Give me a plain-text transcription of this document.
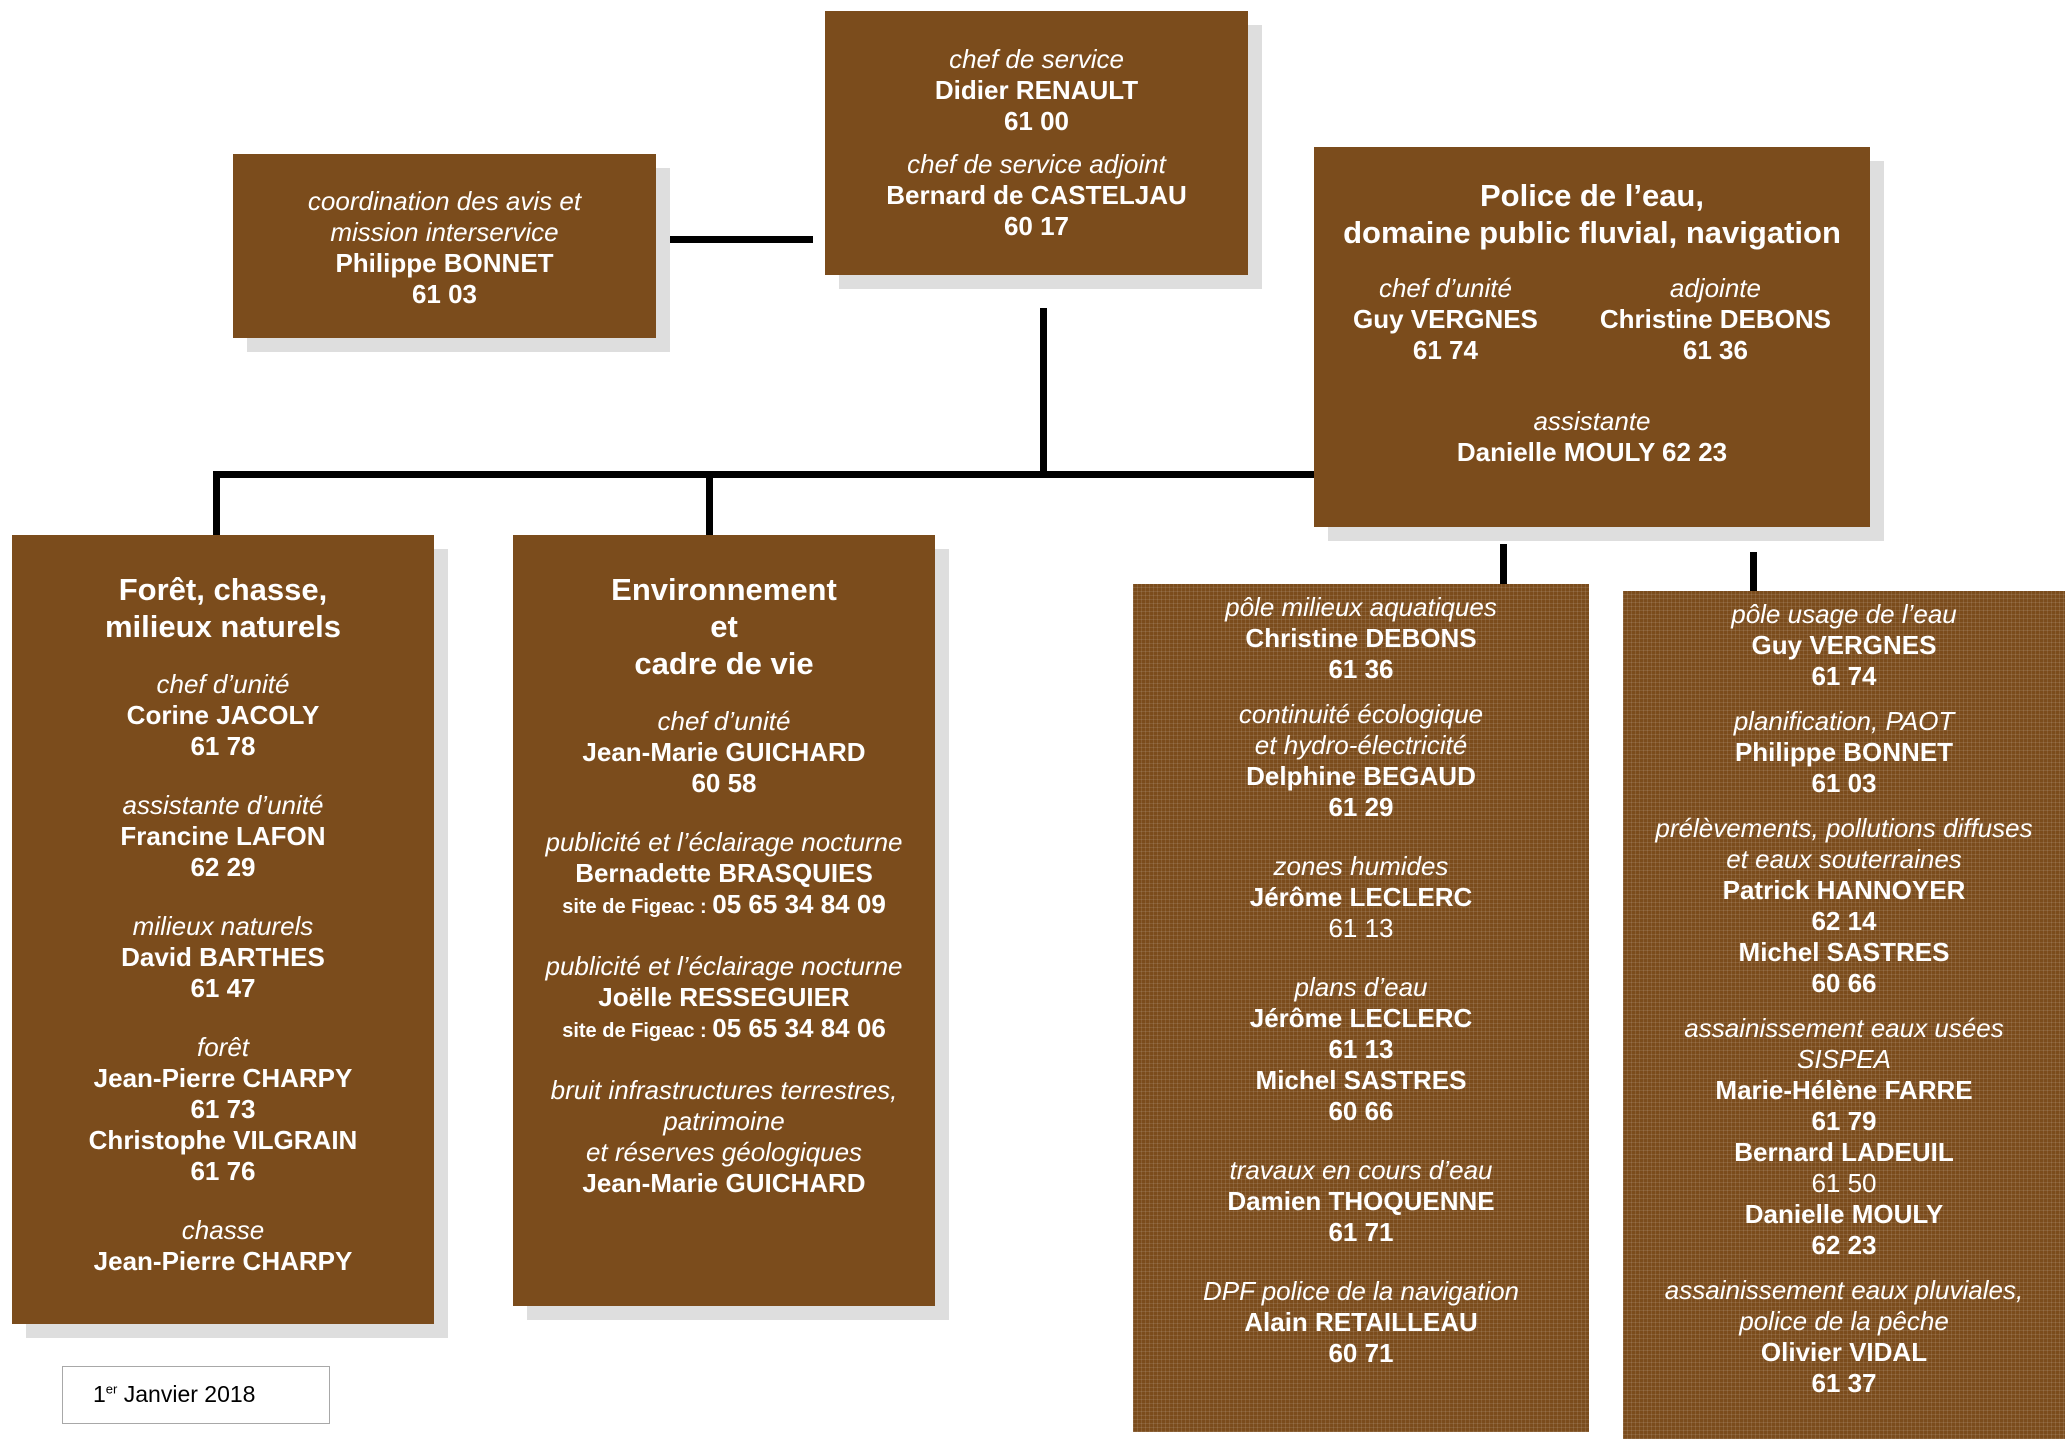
chef de service
Didier RENAULT
61 00
chef de service adjoint
Bernard de CASTELJAU
60 17
coordination des avis et
mission interservice
Philippe BONNET
61 03
Police de l’eau,
domaine public fluvial, navigation
chef d’unité
Guy VERGNES
61 74
adjointe
Christine DEBONS
61 36
assistante
Danielle MOULY 62 23
Forêt, chasse,
milieux naturels
chef d’unité
Corine JACOLY
61 78
assistante d’unité
Francine LAFON
62 29
milieux naturels
David BARTHES
61 47
forêt
Jean-Pierre CHARPY
61 73
Christophe VILGRAIN
61 76
chasse
Jean-Pierre CHARPY
Environnement
et
cadre de vie
chef d’unité
Jean-Marie GUICHARD
60 58
publicité et l’éclairage nocturne
Bernadette BRASQUIES
site de Figeac : 05 65 34 84 09
publicité et l’éclairage nocturne
Joëlle RESSEGUIER
site de Figeac : 05 65 34 84 06
bruit infrastructures terrestres,
patrimoine
et réserves géologiques
Jean-Marie GUICHARD
pôle milieux aquatiques
Christine DEBONS
61 36
continuité écologique
et hydro-électricité
Delphine BEGAUD
61 29
zones humides
Jérôme LECLERC
61 13
plans d’eau
Jérôme LECLERC
61 13
Michel SASTRES
60 66
travaux en cours d’eau
Damien THOQUENNE
61 71
DPF police de la navigation
Alain RETAILLEAU
60 71
pôle usage de l’eau
Guy VERGNES
61 74
planification, PAOT
Philippe BONNET
61 03
prélèvements, pollutions diffuses
et eaux souterraines
Patrick HANNOYER
62 14
Michel SASTRES
60 66
assainissement eaux usées
SISPEA
Marie-Hélène FARRE
61 79
Bernard LADEUIL
61 50
Danielle MOULY
62 23
assainissement eaux pluviales,
police de la pêche
Olivier VIDAL
61 37
1er Janvier 2018
